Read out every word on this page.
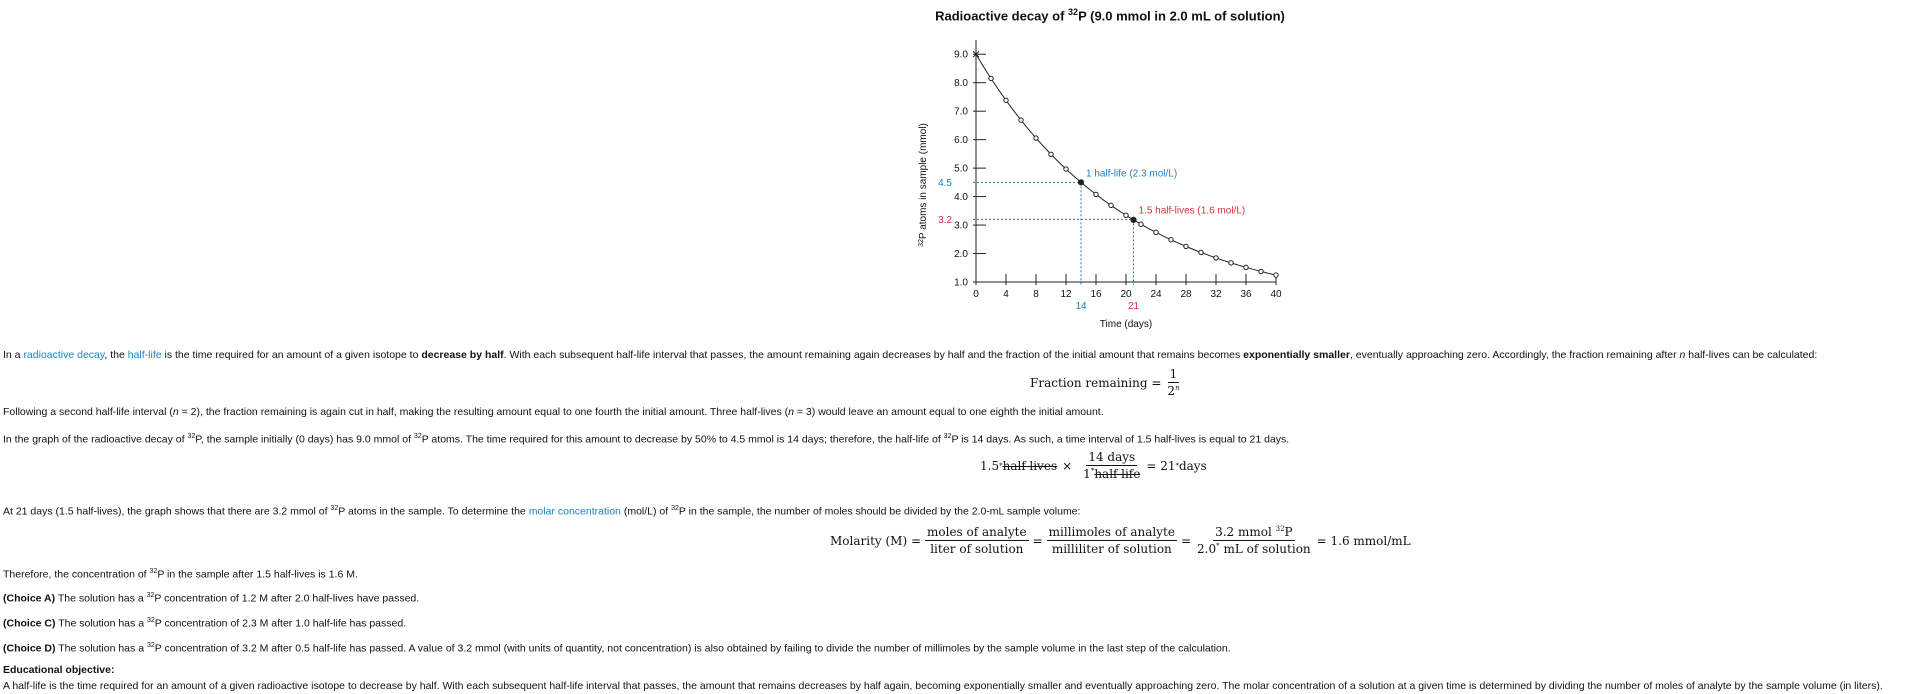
Radioactive decay of $^{32}$P (9.0 mmol in 2.0 mL of solution)
1.0
2.0
3.0
4.0
5.0
6.0
7.0
8.0
9.0
0 4 8 12 16 20 24 28 32 36 40
4.5
14
1 half-life (2.3 mol/L)
3.2
21
1.5 half-lives (1.6 mol/L)
$^{32}$P atoms in sample (mmol)
Time (days)
In a radioactive decay, the half-life is the time required for an amount of a given isotope to decrease by half. With each subsequent half-life interval that passes, the amount remaining again decreases by half and the fraction of the initial amount that remains becomes exponentially smaller, eventually approaching zero. Accordingly, the fraction remaining after n half-lives can be calculated:
Fraction remaining = $\frac{1}{2^n}$
Following a second half-life interval (n = 2), the fraction remaining is again cut in half, making the resulting amount equal to one fourth the initial amount. Three half-lives (n = 3) would leave an amount equal to one eighth the initial amount.
In the graph of the radioactive decay of $^{32}$P, the sample initially (0 days) has 9.0 mmol of $^{32}$P atoms. The time required for this amount to decrease by 50% to 4.5 mmol is 14 days; therefore, the half-life of $^{32}$P is 14 days. As such, a time interval of 1.5 half-lives is equal to 21 days.
1.5 * half-lives × $\frac{\text{14 days}}{1^*half-life} = 21$ * days
At 21 days (1.5 half-lives), the graph shows that there are 3.2 mmol of $^{32}$P atoms in the sample. To determine the molar concentration (mol/L) of $^{32}$P in the sample, the number of moles should be divided by the 2.0-mL sample volume:
Molarity $(M) = \frac{\text{moles of analyte}}{\text{liter of solution}} = \frac{\text{millimoles of analyte}}{\text{milliliter of solution}} = \frac{3.2 mmol ^{32}P}{2.0^* mL of solution} = 1.6$ mmol/mL
Therefore, the concentration of $^{32}$P in the sample after 1.5 half-lives is 1.6 M.
(Choice A) The solution has a $^{32}$P concentration of 1.2 M after 2.0 half-lives have passed.
(Choice C) The solution has a $^{32}$P concentration of 2.3 M after 1.0 half-life has passed.
(Choice D) The solution has a $^{32}$P concentration of 3.2 M after 0.5 half-life has passed. A value of 3.2 mmol (with units of quantity, not concentration) is also obtained by failing to divide the number of millimoles by the sample volume in the last step of the calculation.
Educational objective:
A half-life is the time required for an amount of a given radioactive isotope to decrease by half. With each subsequent half-life interval that passes, the amount that remains decreases by half again, becoming exponentially smaller and eventually approaching zero. The molar concentration of a solution at a given time is determined by dividing the number of moles of analyte by the sample volume (in liters).
